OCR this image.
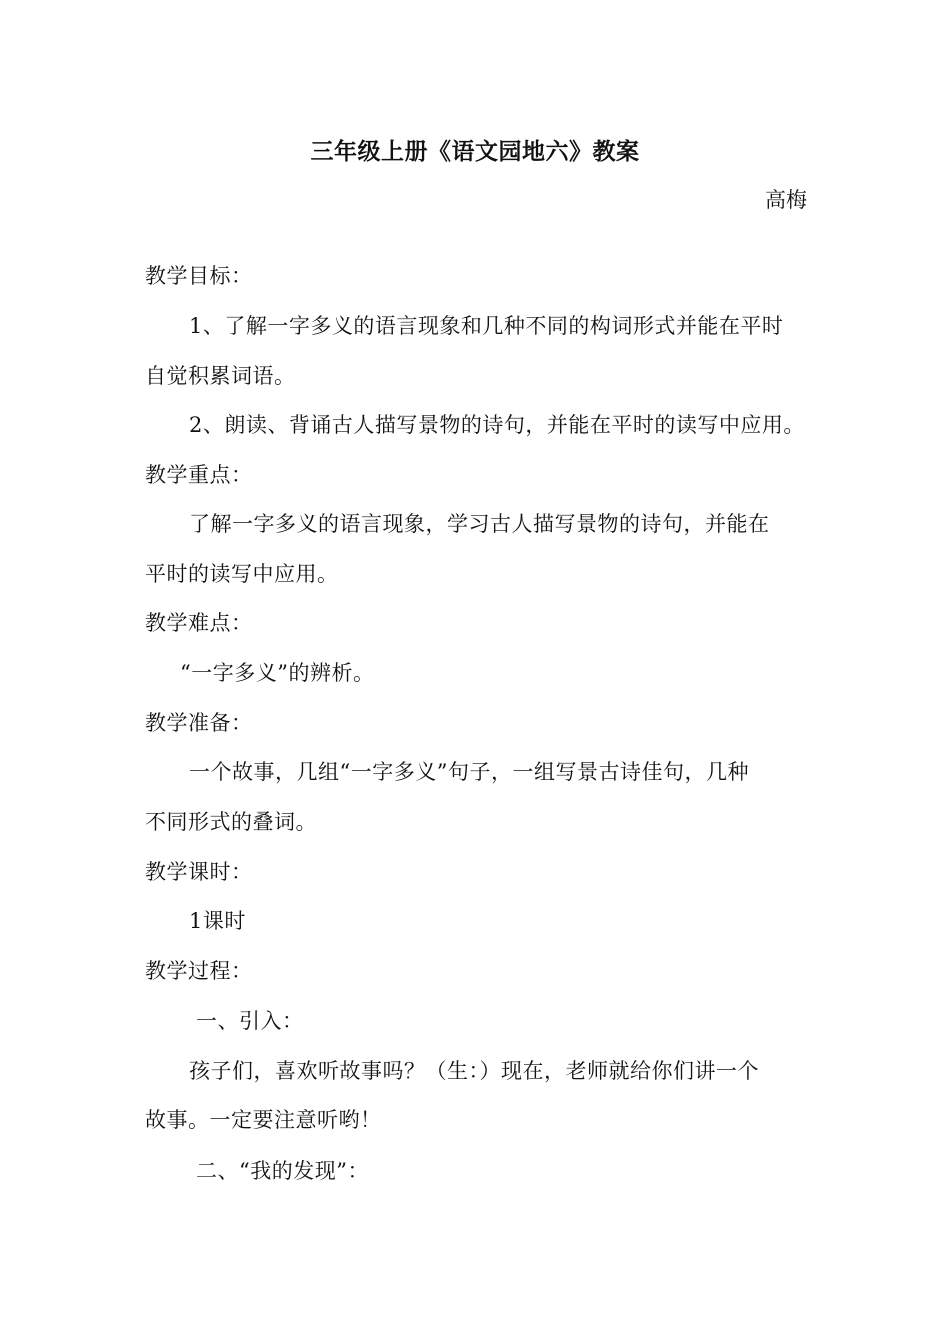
三年级上册《语文园地六》教案
高梅
教学目标：
1、了解一字多义的语言现象和几种不同的构词形式并能在平时
自觉积累词语。
2、朗读、背诵古人描写景物的诗句，并能在平时的读写中应用。
教学重点：
了解一字多义的语言现象，学习古人描写景物的诗句，并能在
平时的读写中应用。
教学难点：
“一字多义”的辨析。
教学准备：
一个故事，几组“一字多义”句子，一组写景古诗佳句，几种
不同形式的叠词。
教学课时：
1课时
教学过程：
一、引入：
孩子们，喜欢听故事吗？（生：）现在，老师就给你们讲一个
故事。一定要注意听哟！
二、“我的发现”：
